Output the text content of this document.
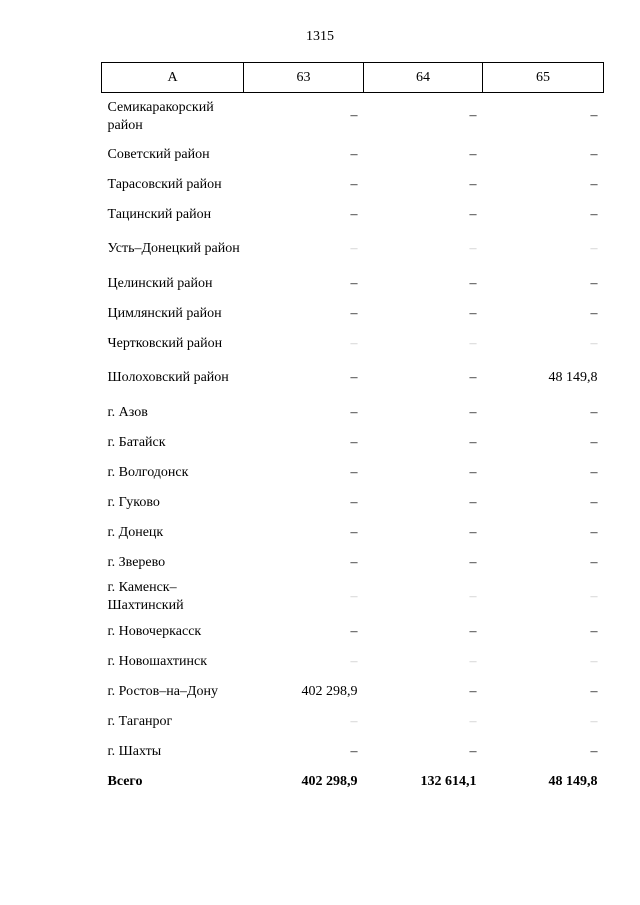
1315
А	63	64	65
Семикаракорский район	–	–	–
Советский район	–	–	–
Тарасовский район	–	–	–
Тацинский район	–	–	–
Усть–Донецкий район	–	–	–
Целинский район	–	–	–
Цимлянский район	–	–	–
Чертковский район	–	–	–
Шолоховский район	–	–	48 149,8
г. Азов	–	–	–
г. Батайск	–	–	–
г. Волгодонск	–	–	–
г. Гуково	–	–	–
г. Донецк	–	–	–
г. Зверево	–	–	–
г. Каменск–Шахтинский	–	–	–
г. Новочеркасск	–	–	–
г. Новошахтинск	–	–	–
г. Ростов–на–Дону	402 298,9	–	–
г. Таганрог	–	–	–
г. Шахты	–	–	–
Всего	402 298,9	132 614,1	48 149,8
